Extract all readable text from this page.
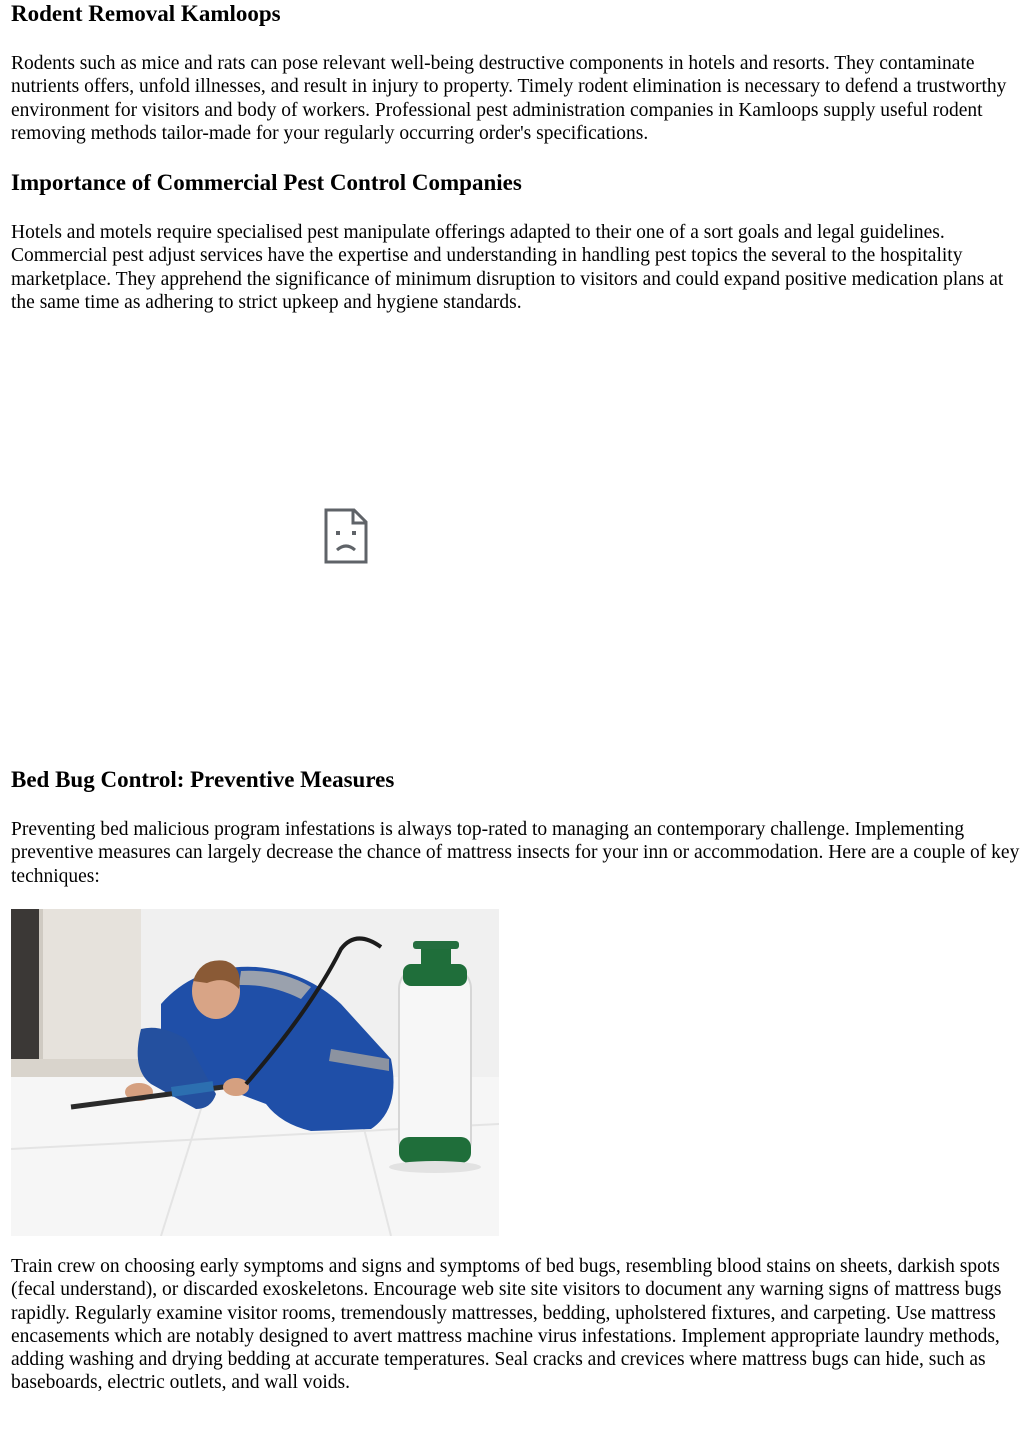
Rodent Removal Kamloops

Rodents such as mice and rats can pose relevant well-being destructive components in hotels and resorts. They contaminate nutrients offers, unfold illnesses, and result in injury to property. Timely rodent elimination is necessary to defend a trustworthy environment for visitors and body of workers. Professional pest administration companies in Kamloops supply useful rodent removing methods tailor-made for your regularly occurring order's specifications.

Importance of Commercial Pest Control Companies

Hotels and motels require specialised pest manipulate offerings adapted to their one of a sort goals and legal guidelines. Commercial pest adjust services have the expertise and understanding in handling pest topics the several to the hospitality marketplace. They apprehend the significance of minimum disruption to visitors and could expand positive medication plans at the same time as adhering to strict upkeep and hygiene standards.

Bed Bug Control: Preventive Measures

Preventing bed malicious program infestations is always top-rated to managing an contemporary challenge. Implementing preventive measures can largely decrease the chance of mattress insects for your inn or accommodation. Here are a couple of key techniques:

Train crew on choosing early symptoms and signs and symptoms of bed bugs, resembling blood stains on sheets, darkish spots (fecal understand), or discarded exoskeletons. Encourage web site site visitors to document any warning signs of mattress bugs rapidly. Regularly examine visitor rooms, tremendously mattresses, bedding, upholstered fixtures, and carpeting. Use mattress encasements which are notably designed to avert mattress machine virus infestations. Implement appropriate laundry methods, adding washing and drying bedding at accurate temperatures. Seal cracks and crevices where mattress bugs can hide, such as baseboards, electric outlets, and wall voids.
